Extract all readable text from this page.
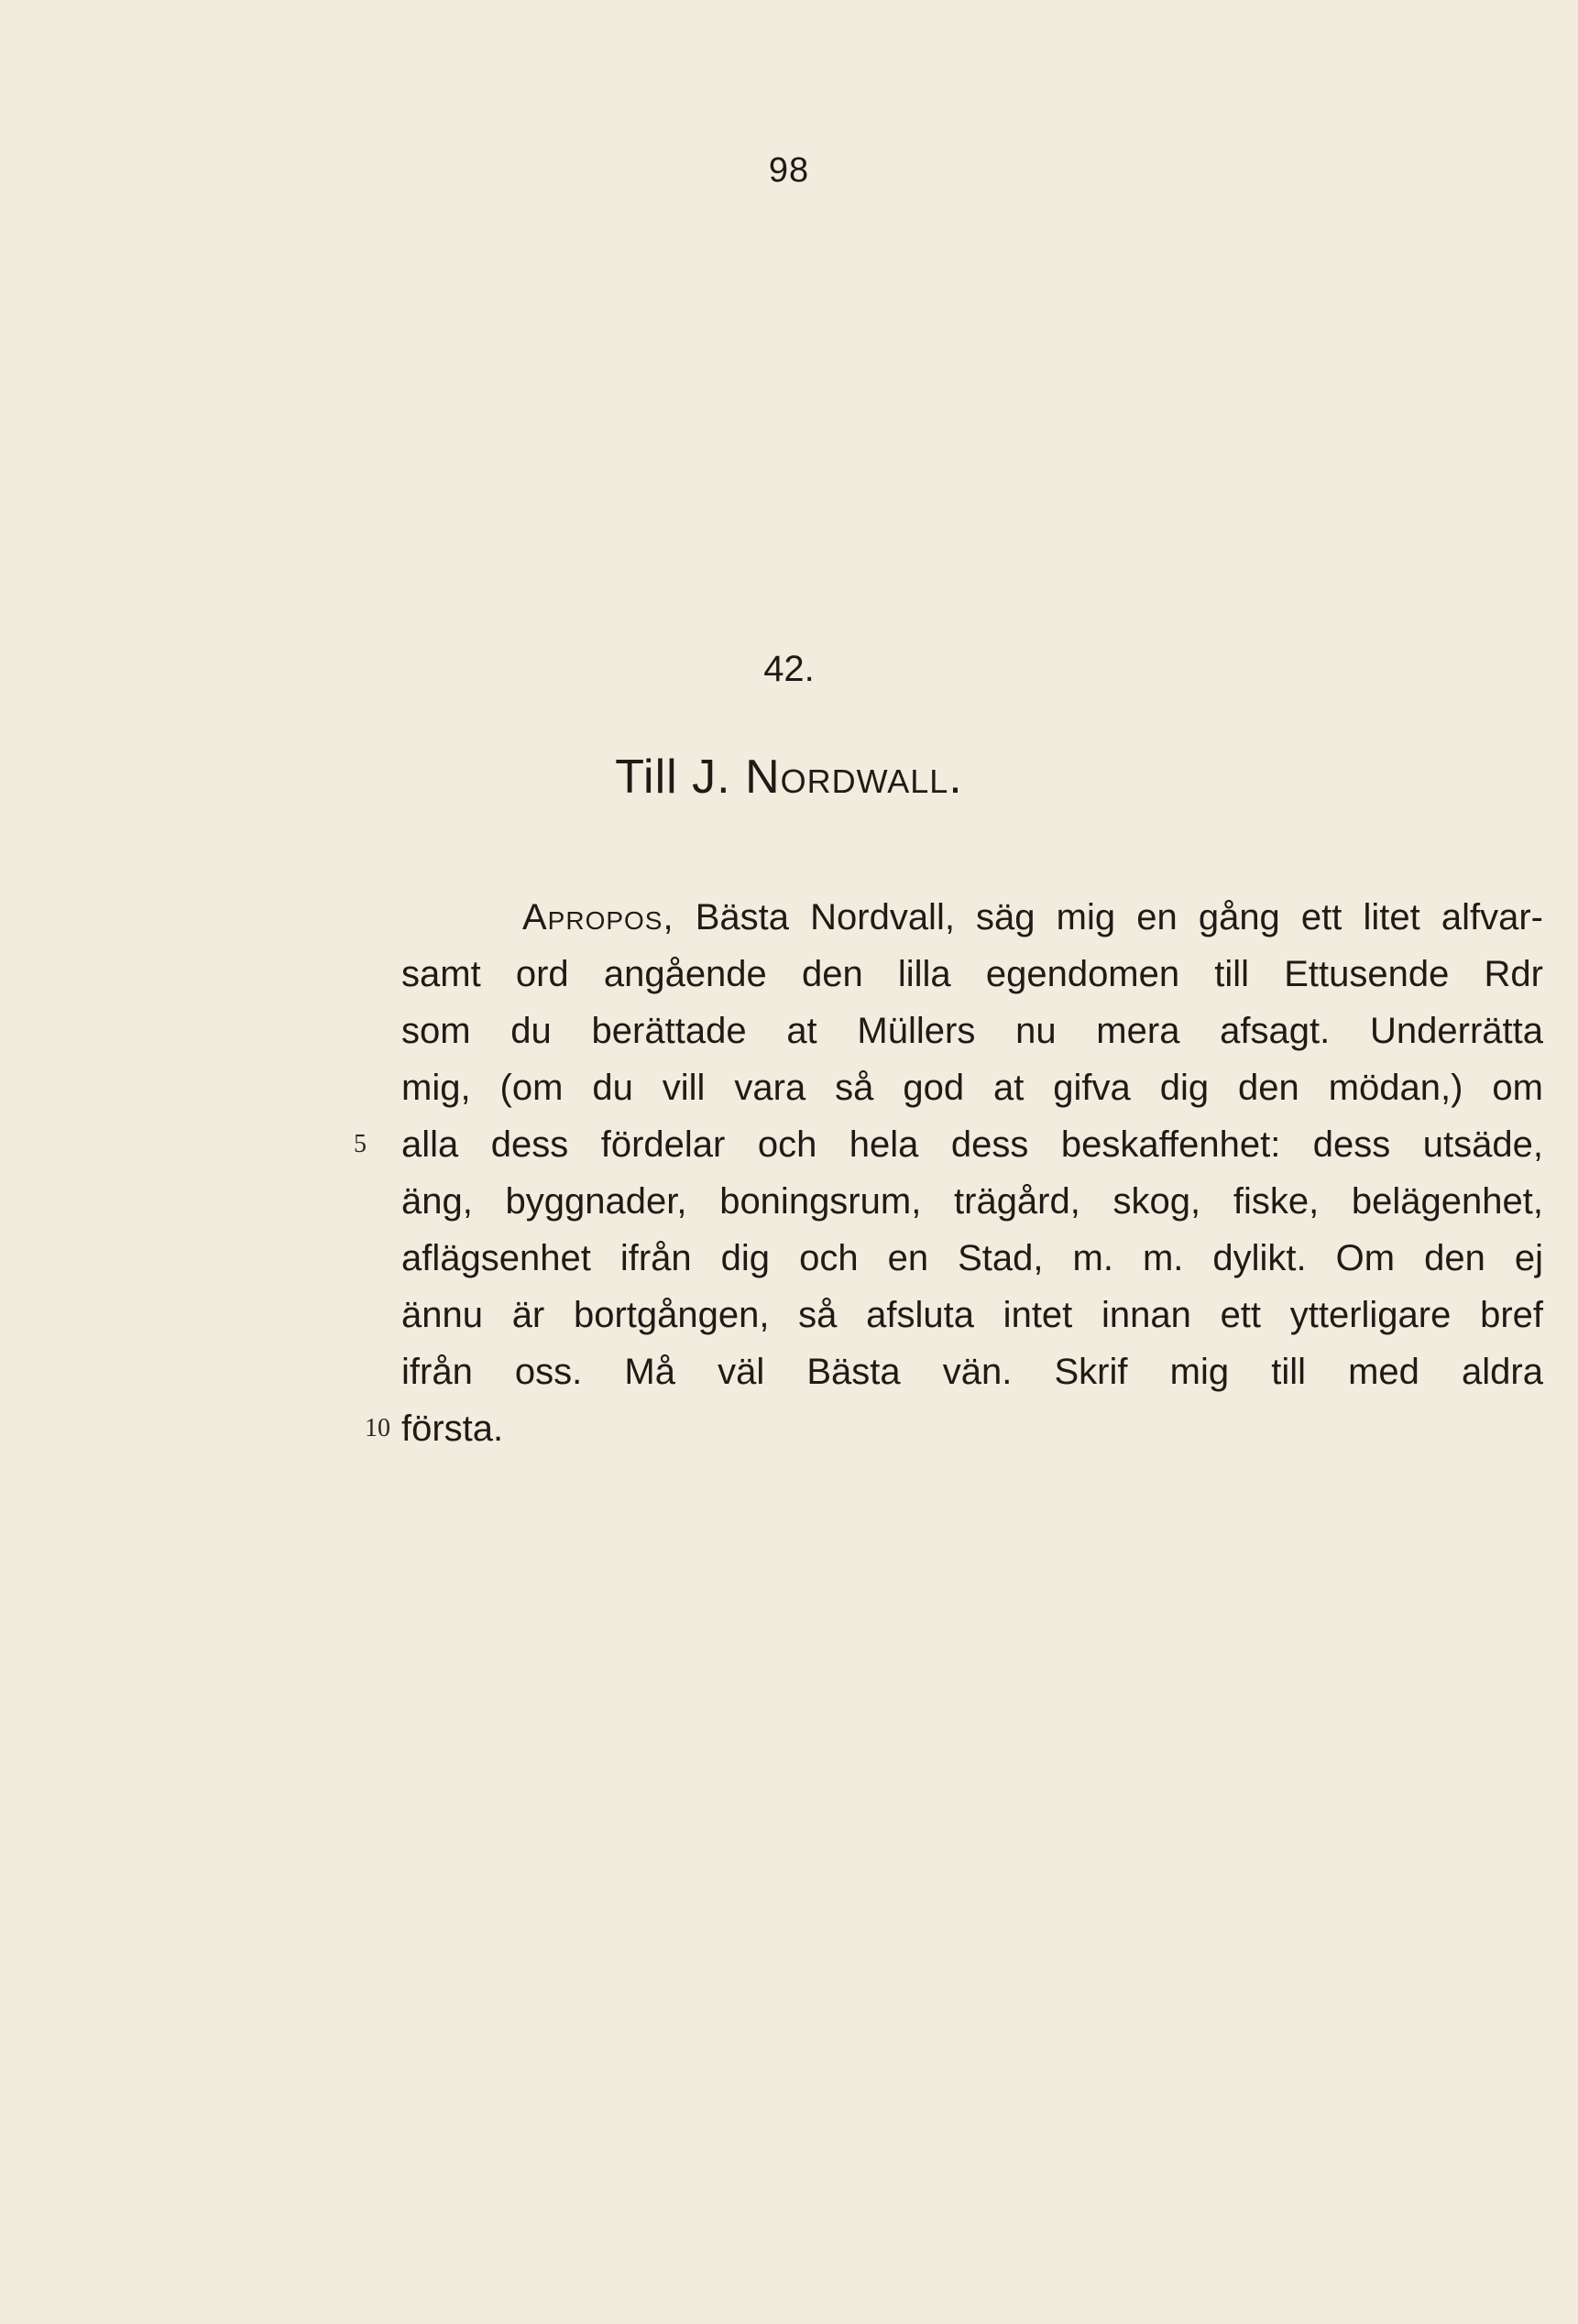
98
42.
Till J. Nordwall.
Apropos, Bästa Nordvall, säg mig en gång ett litet alfvar-
samt ord angående den lilla egendomen till Ettusende Rdr
som du berättade at Müllers nu mera afsagt. Underrätta
mig, (om du vill vara så god at gifva dig den mödan,) om
5 alla dess fördelar och hela dess beskaffenhet: dess utsäde,
äng, byggnader, boningsrum, trägård, skog, fiske, belägenhet,
aflägsenhet ifrån dig och en Stad, m. m. dylikt. Om den ej
ännu är bortgången, så afsluta intet innan ett ytterligare bref
ifrån oss. Må väl Bästa vän. Skrif mig till med aldra
10 första.
